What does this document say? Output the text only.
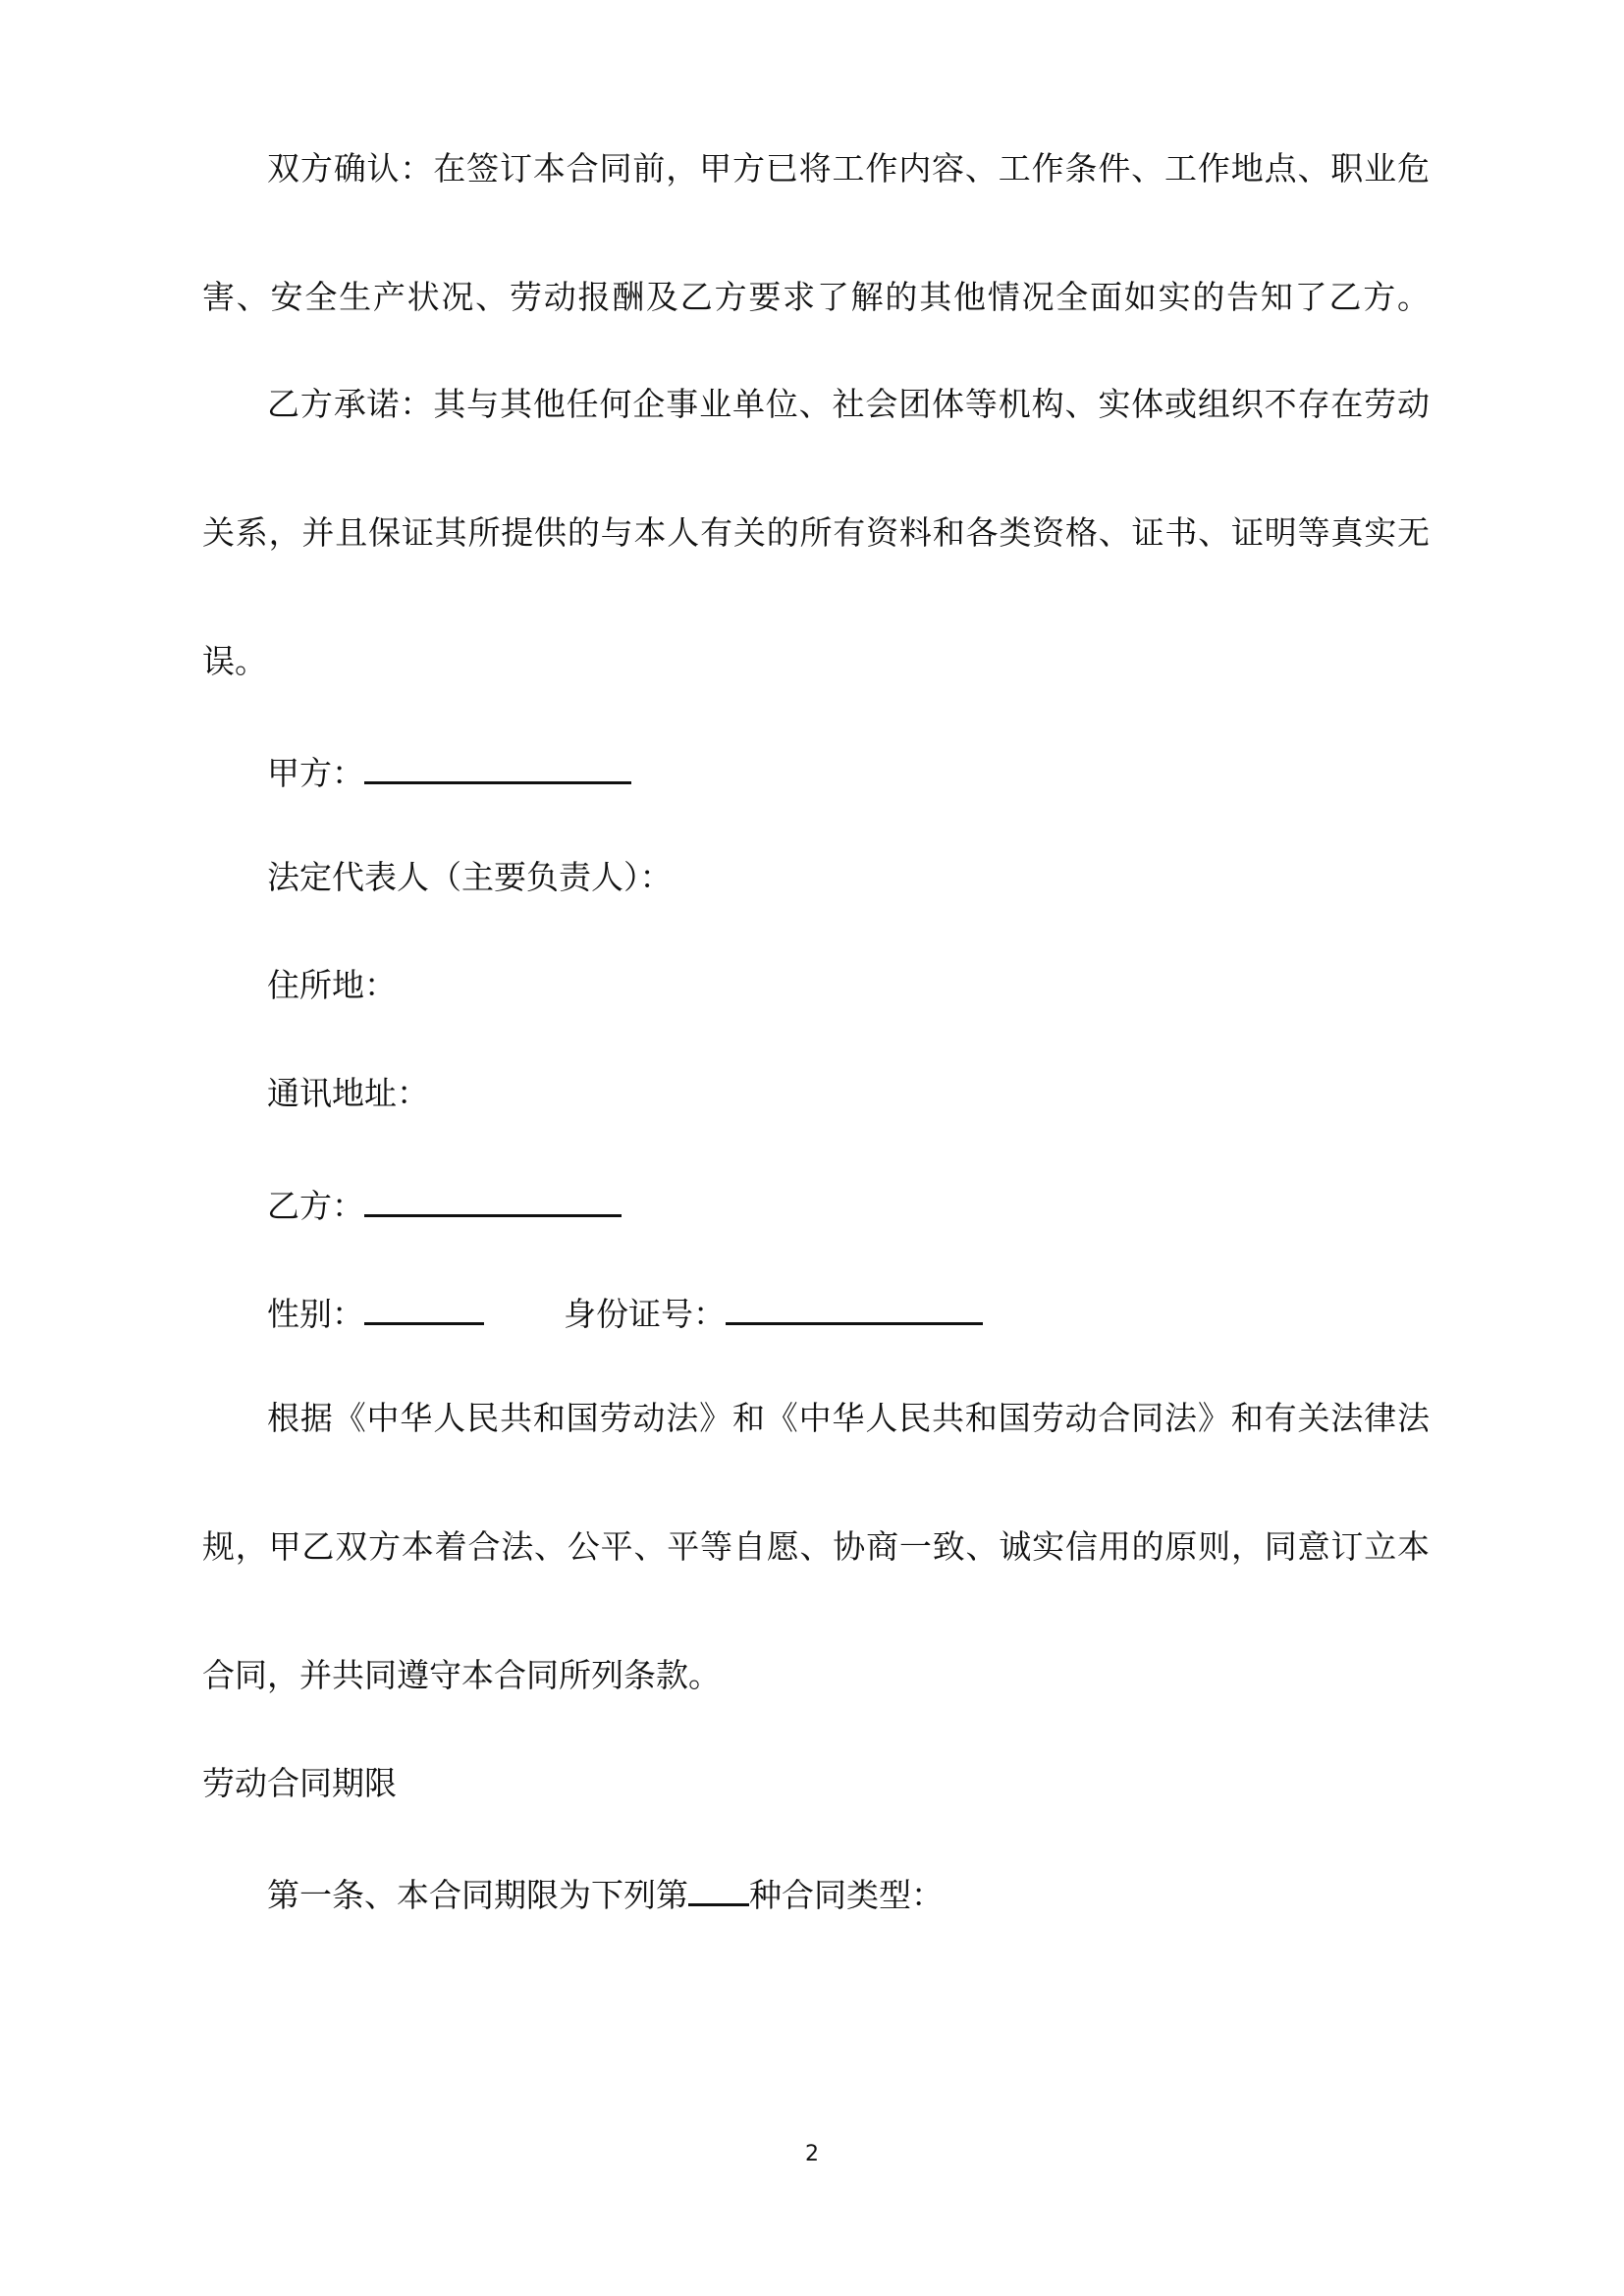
双方确认：在签订本合同前，甲方已将工作内容、工作条件、工作地点、职业危
害、安全生产状况、劳动报酬及乙方要求了解的其他情况全面如实的告知了乙方。
乙方承诺：其与其他任何企事业单位、社会团体等机构、实体或组织不存在劳动
关系，并且保证其所提供的与本人有关的所有资料和各类资格、证书、证明等真实无
误。
甲方：
法定代表人（主要负责人）：
住所地：
通讯地址：
乙方：
性别：	身份证号：
根据《中华人民共和国劳动法》和《中华人民共和国劳动合同法》和有关法律法
规，甲乙双方本着合法、公平、平等自愿、协商一致、诚实信用的原则，同意订立本
合同，并共同遵守本合同所列条款。
劳动合同期限
第一条、本合同期限为下列第 种合同类型：
2
